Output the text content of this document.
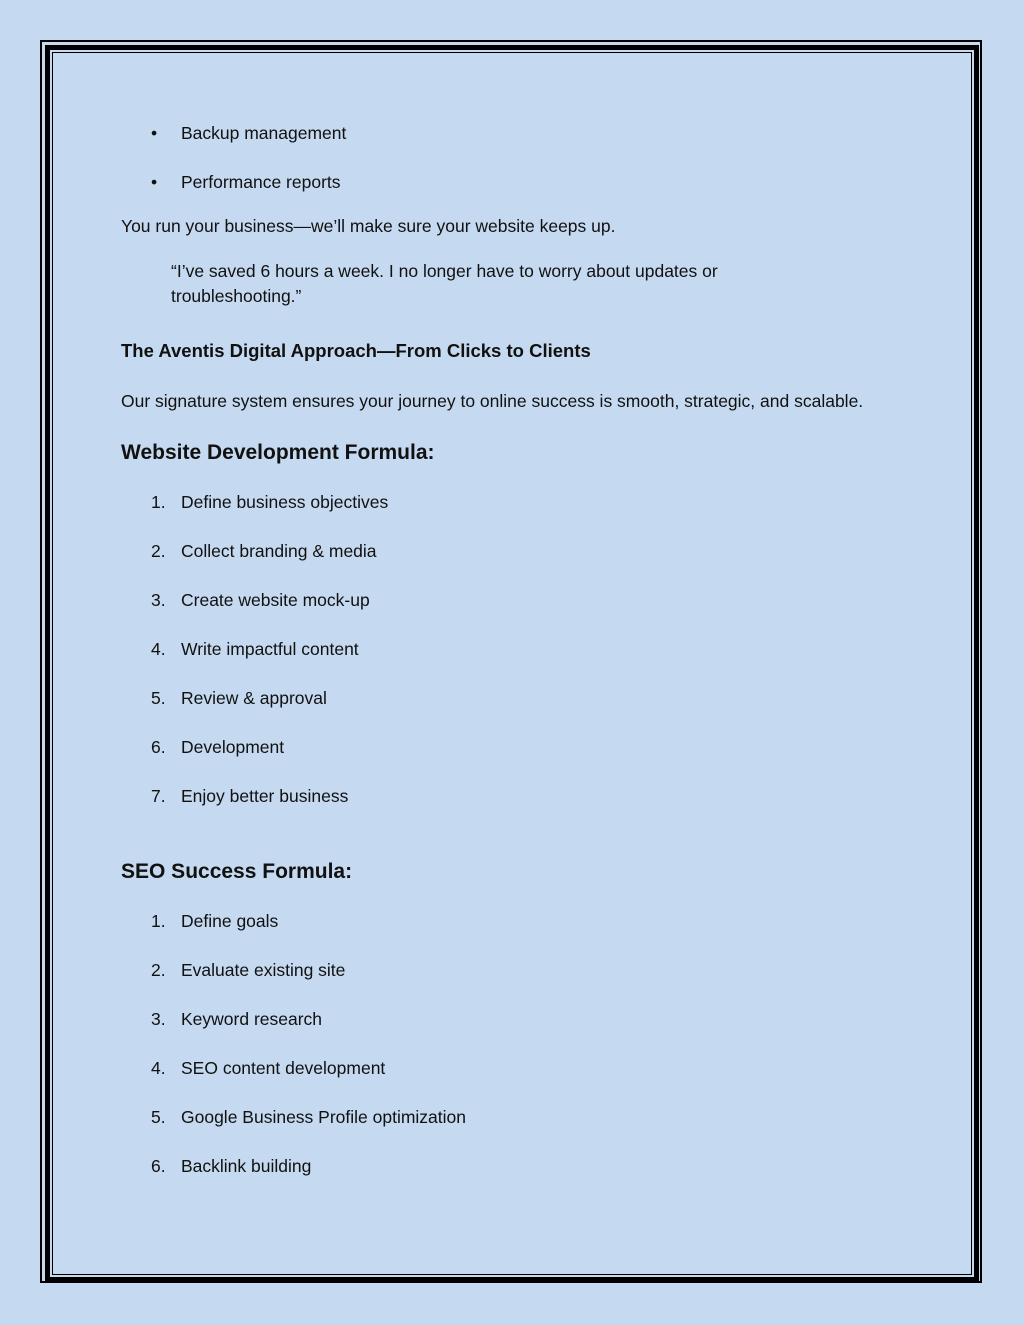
•	Backup management
•	Performance reports

You run your business—we’ll make sure your website keeps up.

“I’ve saved 6 hours a week. I no longer have to worry about updates or troubleshooting.”

The Aventis Digital Approach—From Clicks to Clients

Our signature system ensures your journey to online success is smooth, strategic, and scalable.

Website Development Formula:
1. Define business objectives
2. Collect branding & media
3. Create website mock-up
4. Write impactful content
5. Review & approval
6. Development
7. Enjoy better business
SEO Success Formula:
1. Define goals
2. Evaluate existing site
3. Keyword research
4. SEO content development
5. Google Business Profile optimization
6. Backlink building
